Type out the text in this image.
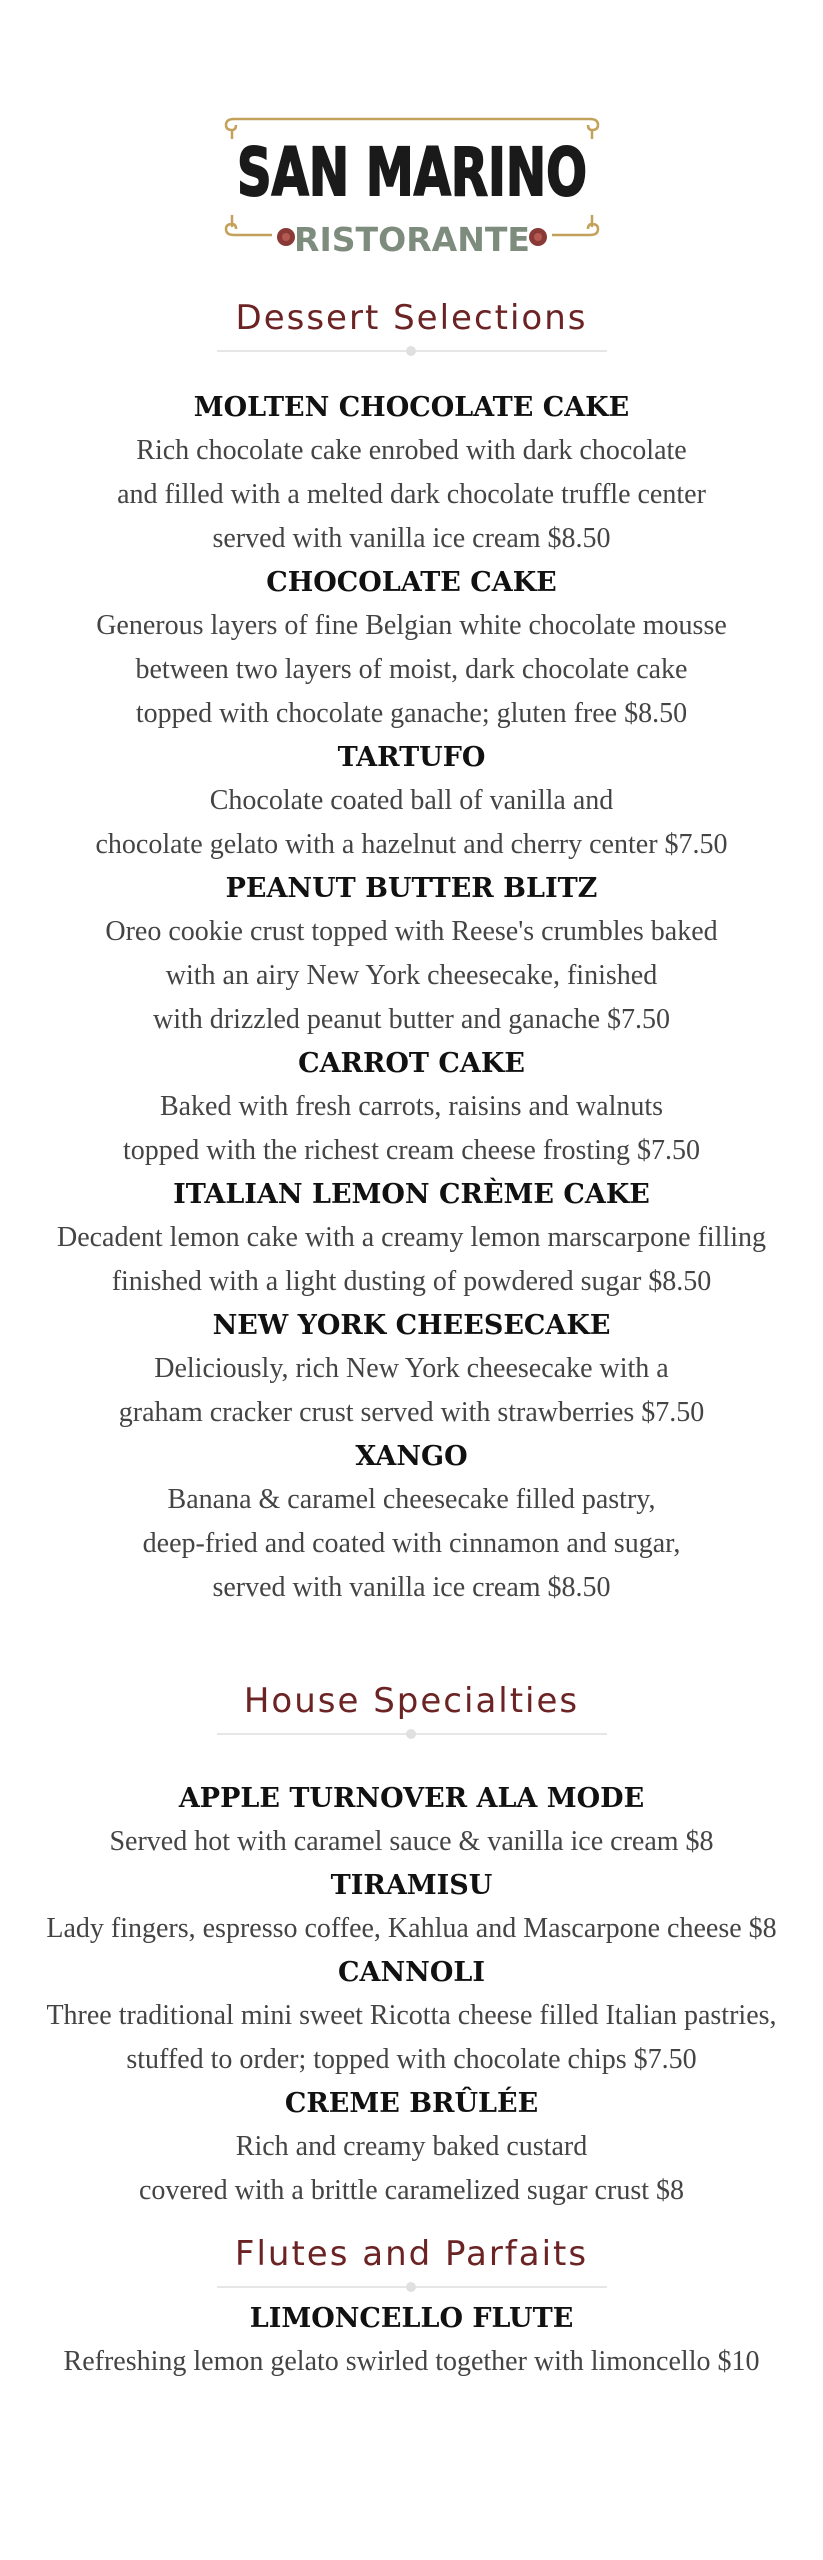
SAN MARINO
SAN MARINO
RISTORANTE
Dessert Selections
MOLTEN CHOCOLATE CAKE
Rich chocolate cake enrobed with dark chocolate
and filled with a melted dark chocolate truffle center
served with vanilla ice cream $8.50
CHOCOLATE CAKE
Generous layers of fine Belgian white chocolate mousse
between two layers of moist, dark chocolate cake
topped with chocolate ganache; gluten free $8.50
TARTUFO
Chocolate coated ball of vanilla and
chocolate gelato with a hazelnut and cherry center $7.50
PEANUT BUTTER BLITZ
Oreo cookie crust topped with Reese's crumbles baked
with an airy New York cheesecake, finished
with drizzled peanut butter and ganache $7.50
CARROT CAKE
Baked with fresh carrots, raisins and walnuts
topped with the richest cream cheese frosting $7.50
ITALIAN LEMON CRÈME CAKE
Decadent lemon cake with a creamy lemon marscarpone filling
finished with a light dusting of powdered sugar $8.50
NEW YORK CHEESECAKE
Deliciously, rich New York cheesecake with a
graham cracker crust served with strawberries $7.50
XANGO
Banana & caramel cheesecake filled pastry,
deep-fried and coated with cinnamon and sugar,
served with vanilla ice cream $8.50
House Specialties
APPLE TURNOVER ALA MODE
Served hot with caramel sauce & vanilla ice cream $8
TIRAMISU
Lady fingers, espresso coffee, Kahlua and Mascarpone cheese $8
CANNOLI
Three traditional mini sweet Ricotta cheese filled Italian pastries,
stuffed to order; topped with chocolate chips $7.50
CREME BRÛLÉE
Rich and creamy baked custard
covered with a brittle caramelized sugar crust $8
Flutes and Parfaits
LIMONCELLO FLUTE
Refreshing lemon gelato swirled together with limoncello $10
